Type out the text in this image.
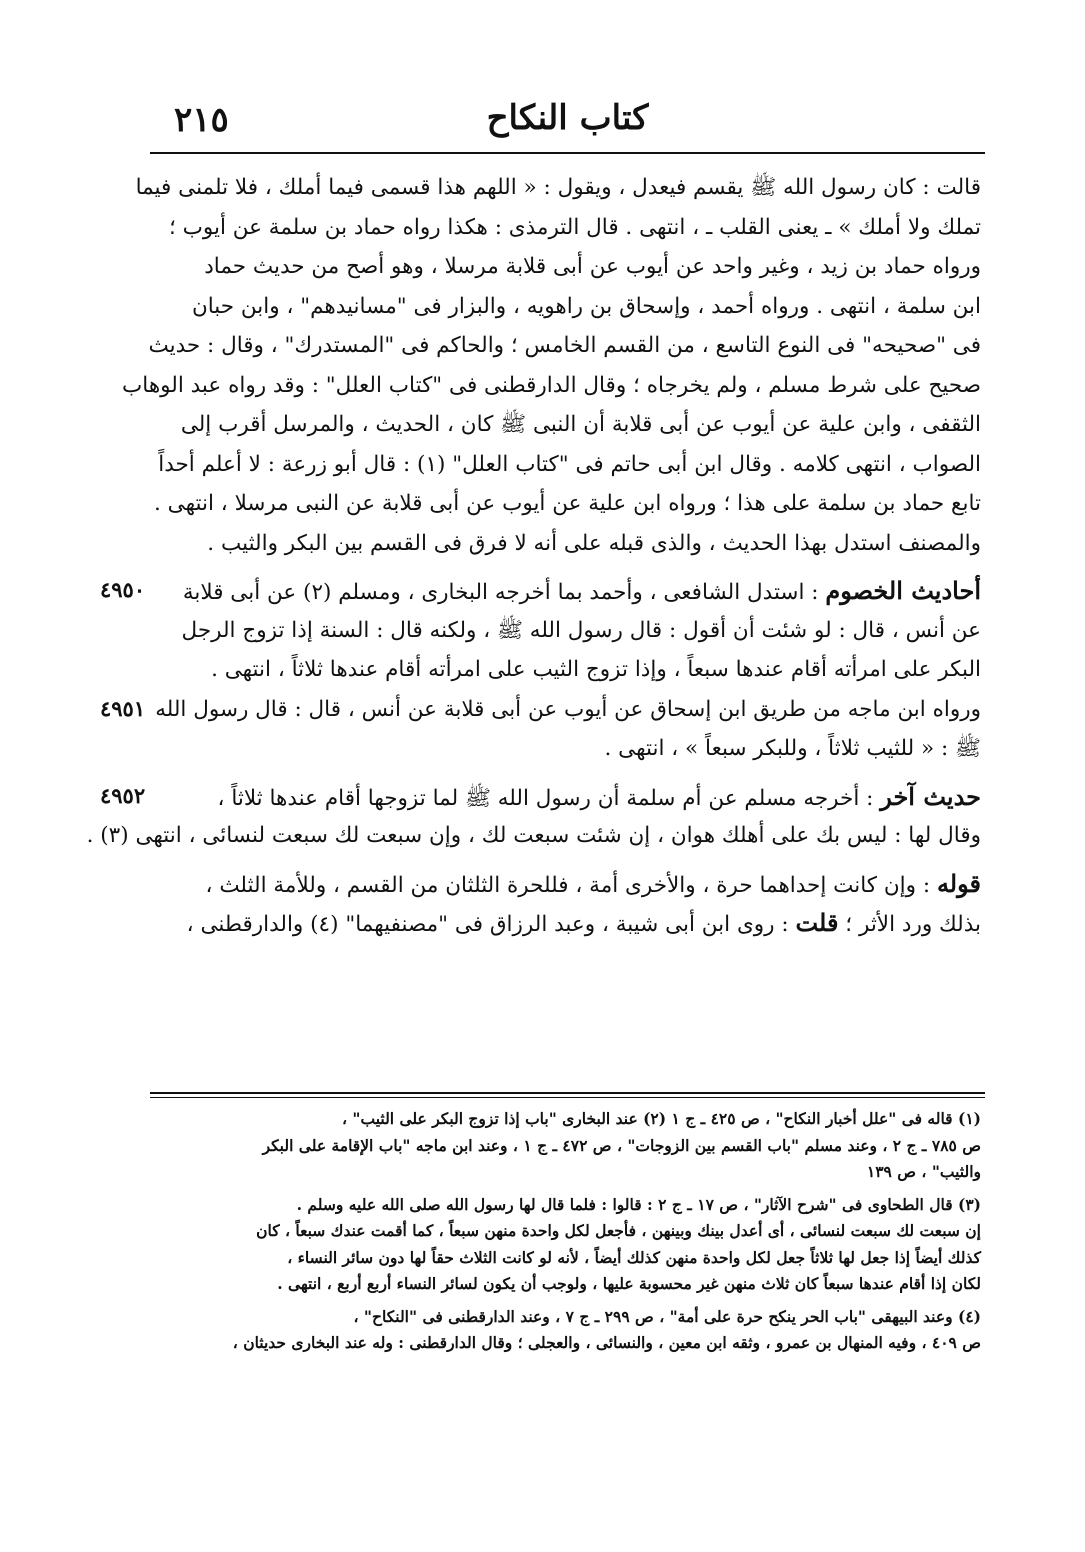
٢١٥	كتاب النكاح
قالت : كان رسول الله ﷺ يقسم فيعدل ، ويقول : « اللهم هذا قسمى فيما أملك ، فلا تلمنى فيما
تملك ولا أملك » ـ يعنى القلب ـ ، انتهى . قال الترمذى : هكذا رواه حماد بن سلمة عن أيوب ؛
ورواه حماد بن زيد ، وغير واحد عن أيوب عن أبى قلابة مرسلا ، وهو أصح من حديث حماد
ابن سلمة ، انتهى . ورواه أحمد ، وإسحاق بن راهويه ، والبزار فى "مسانيدهم" ، وابن حبان
فى "صحيحه" فى النوع التاسع ، من القسم الخامس ؛ والحاكم فى "المستدرك" ، وقال : حديث
صحيح على شرط مسلم ، ولم يخرجاه ؛ وقال الدارقطنى فى "كتاب العلل" : وقد رواه عبد الوهاب
الثقفى ، وابن علية عن أيوب عن أبى قلابة أن النبى ﷺ كان ، الحديث ، والمرسل أقرب إلى
الصواب ، انتهى كلامه . وقال ابن أبى حاتم فى "كتاب العلل" (١) : قال أبو زرعة : لا أعلم أحداً
تابع حماد بن سلمة على هذا ؛ ورواه ابن علية عن أيوب عن أبى قلابة عن النبى مرسلا ، انتهى .
والمصنف استدل بهذا الحديث ، والذى قبله على أنه لا فرق فى القسم بين البكر والثيب .
أحاديث الخصوم : استدل الشافعى ، وأحمد بما أخرجه البخارى ، ومسلم (٢) عن أبى قلابة
عن أنس ، قال : لو شئت أن أقول : قال رسول الله ﷺ ، ولكنه قال : السنة إذا تزوج الرجل
البكر على امرأته أقام عندها سبعاً ، وإذا تزوج الثيب على امرأته أقام عندها ثلاثاً ، انتهى .
ورواه ابن ماجه من طريق ابن إسحاق عن أيوب عن أبى قلابة عن أنس ، قال : قال رسول الله
ﷺ : « للثيب ثلاثاً ، وللبكر سبعاً » ، انتهى .
حديث آخر : أخرجه مسلم عن أم سلمة أن رسول الله ﷺ لما تزوجها أقام عندها ثلاثاً ،
وقال لها : ليس بك على أهلك هوان ، إن شئت سبعت لك ، وإن سبعت لك سبعت لنسائى ، انتهى (٣) .
قوله : وإن كانت إحداهما حرة ، والأخرى أمة ، فللحرة الثلثان من القسم ، وللأمة الثلث ،
بذلك ورد الأثر ؛ قلت : روى ابن أبى شيبة ، وعبد الرزاق فى "مصنفيهما" (٤) والدارقطنى ،
(١) قاله فى "علل أخبار النكاح" ، ص ٤٢٥ ـ ج ١ (٢) عند البخارى "باب إذا تزوج البكر على الثيب" ،
ص ٧٨٥ ـ ج ٢ ، وعند مسلم "باب القسم بين الزوجات" ، ص ٤٧٢ ـ ج ١ ، وعند ابن ماجه "باب الإقامة على البكر
والثيب" ، ص ١٣٩
(٣) قال الطحاوى فى "شرح الآثار" ، ص ١٧ ـ ج ٢ : قالوا : فلما قال لها رسول الله صلى الله عليه وسلم .
إن سبعت لك سبعت لنسائى ، أى أعدل بينك وبينهن ، فأجعل لكل واحدة منهن سبعاً ، كما أقمت عندك سبعاً ، كان
كذلك أيضاً إذا جعل لها ثلاثاً جعل لكل واحدة منهن كذلك أيضاً ، لأنه لو كانت الثلاث حقاً لها دون سائر النساء ،
لكان إذا أقام عندها سبعاً كان ثلاث منهن غير محسوبة عليها ، ولوجب أن يكون لسائر النساء أربع أربع ، انتهى .
(٤) وعند البيهقى "باب الحر ينكح حرة على أمة" ، ص ٢٩٩ ـ ج ٧ ، وعند الدارقطنى فى "النكاح" ،
ص ٤٠٩ ، وفيه المنهال بن عمرو ، وثقه ابن معين ، والنسائى ، والعجلى ؛ وقال الدارقطنى : وله عند البخارى حديثان ،
٤٩٥٠
٤٩٥١
٤٩٥٢
